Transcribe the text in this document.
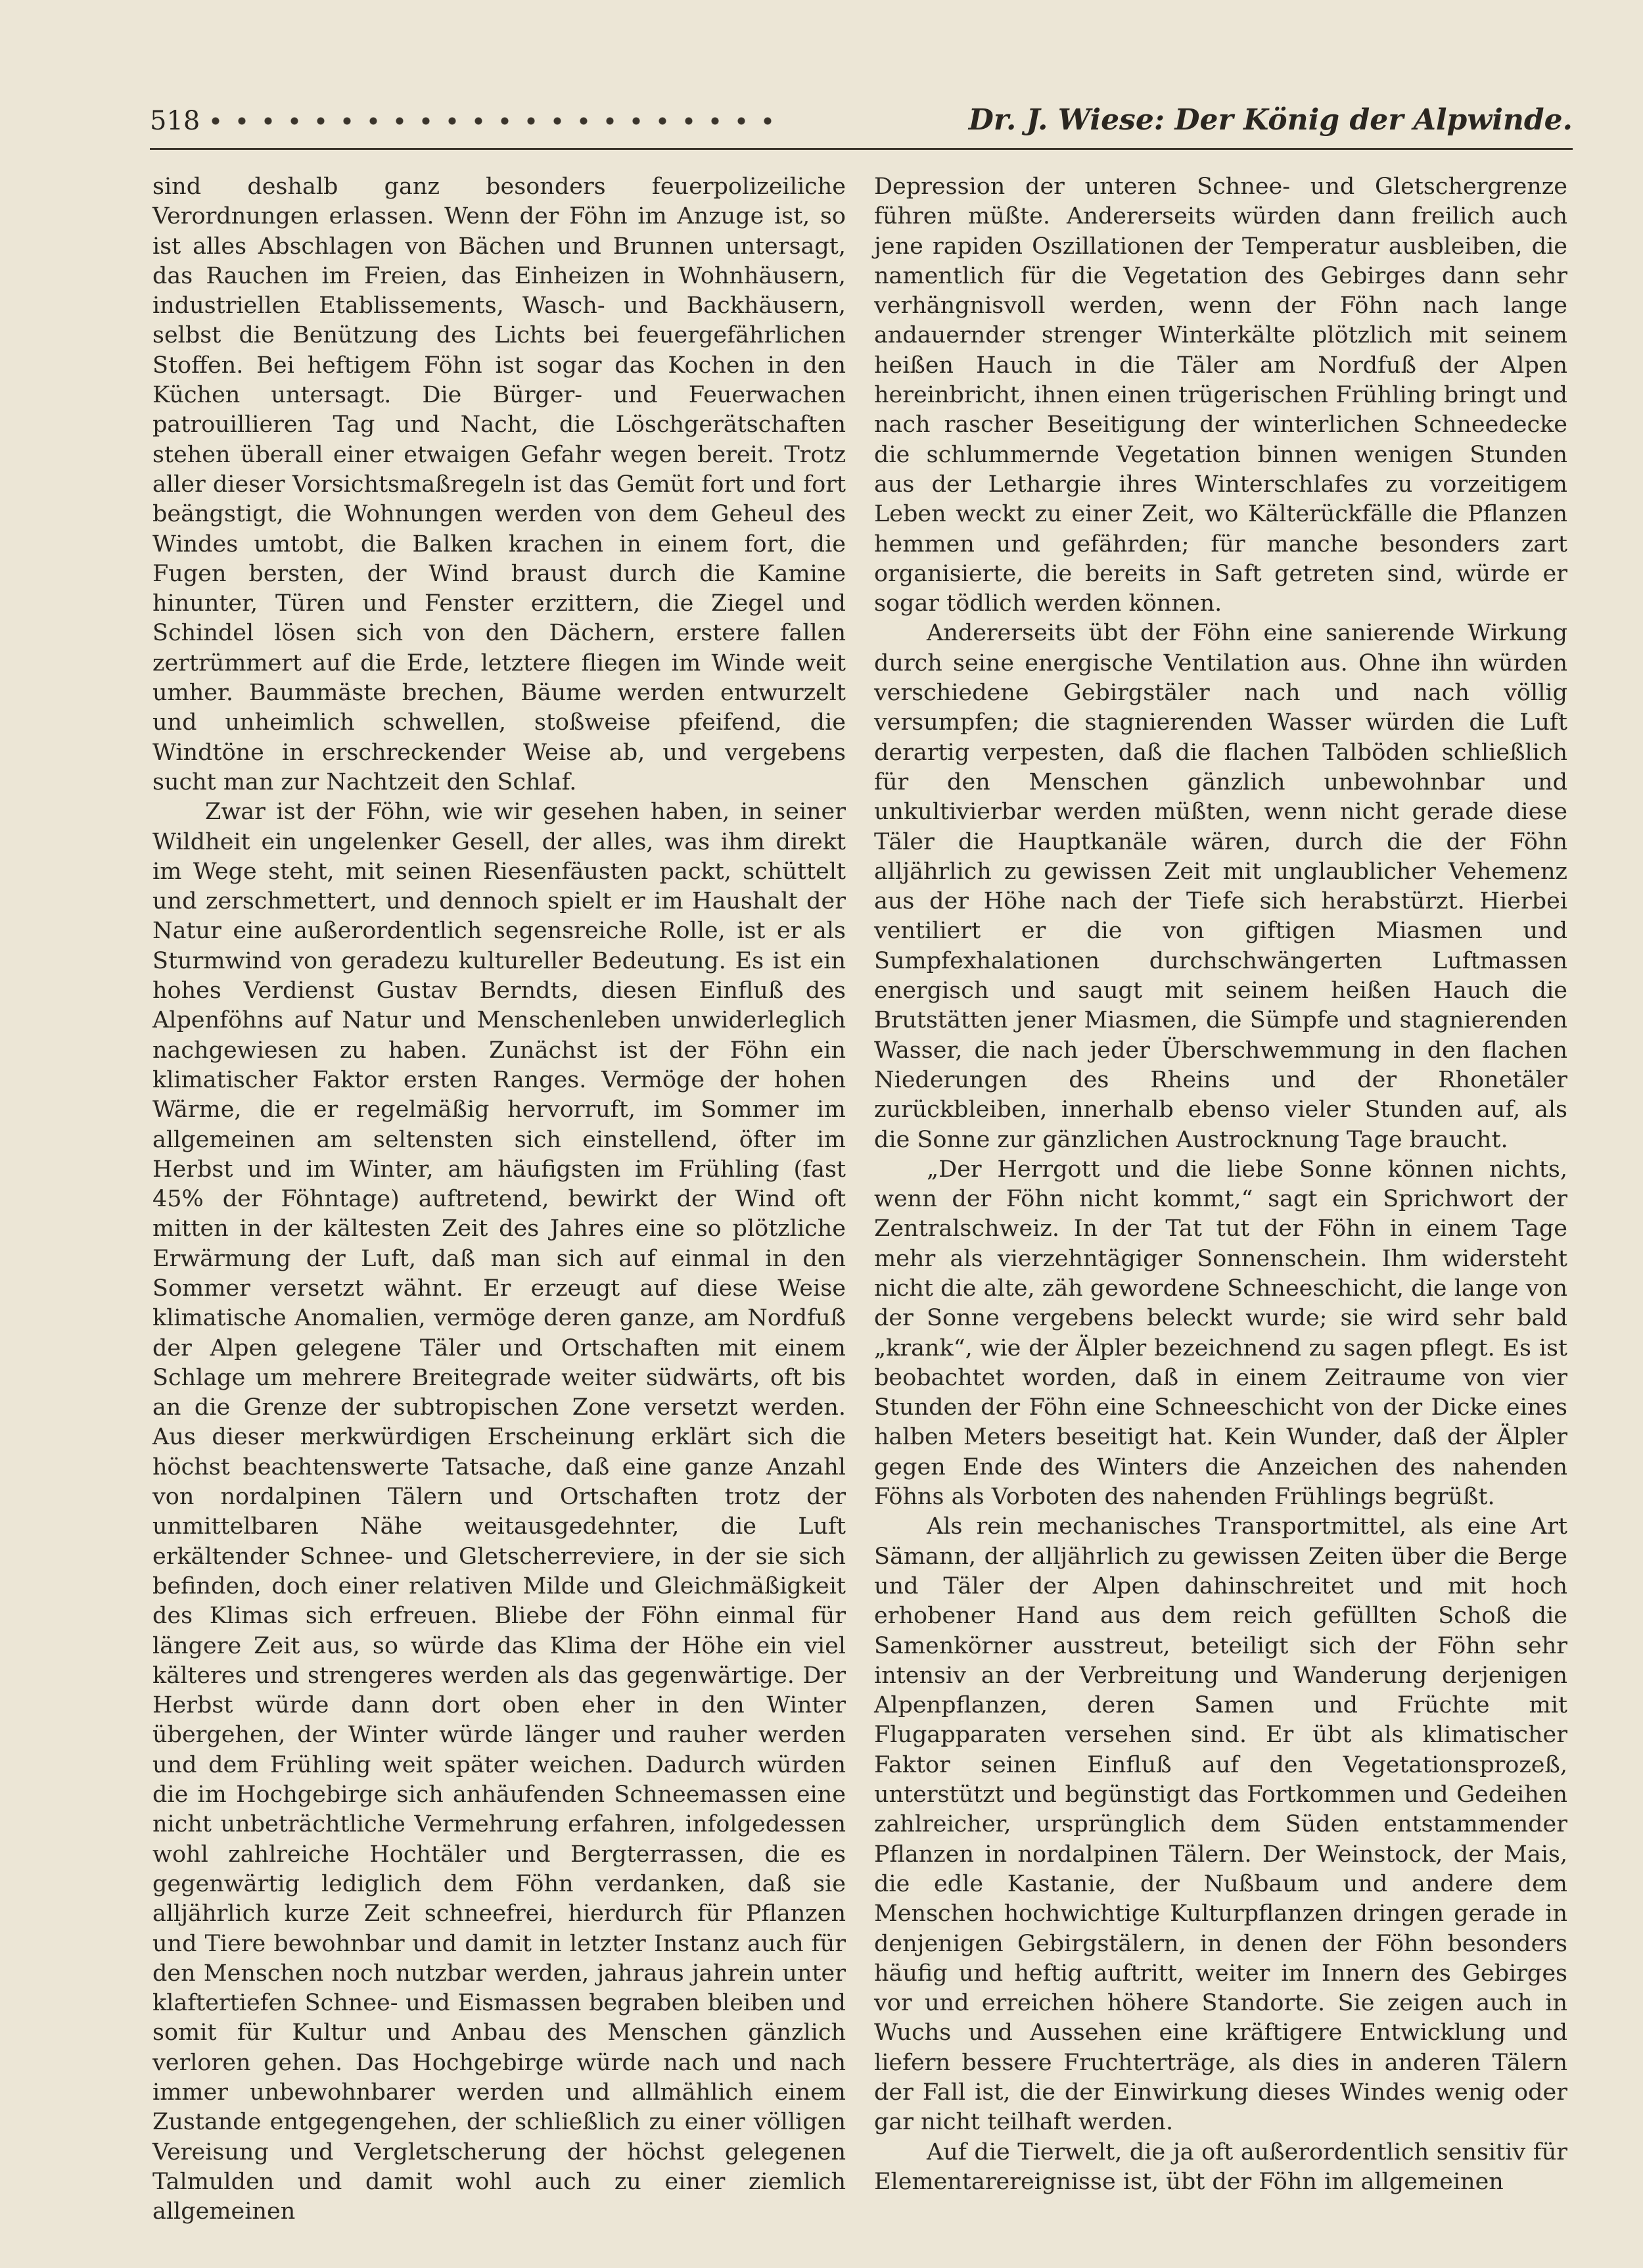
518	Dr. J. Wiese: Der König der Alpwinde.

sind deshalb ganz besonders feuerpolizeiliche Verordnungen erlassen. Wenn der Föhn im Anzuge ist, so ist alles Abschlagen von Bächen und Brunnen untersagt, das Rauchen im Freien, das Einheizen in Wohnhäusern, industriellen Etablissements, Wasch- und Backhäusern, selbst die Benützung des Lichts bei feuergefährlichen Stoffen. Bei heftigem Föhn ist sogar das Kochen in den Küchen untersagt. Die Bürger- und Feuerwachen patrouillieren Tag und Nacht, die Löschgerätschaften stehen überall einer etwaigen Gefahr wegen bereit. Trotz aller dieser Vorsichtsmaßregeln ist das Gemüt fort und fort beängstigt, die Wohnungen werden von dem Geheul des Windes umtobt, die Balken krachen in einem fort, die Fugen bersten, der Wind braust durch die Kamine hinunter, Türen und Fenster erzittern, die Ziegel und Schindel lösen sich von den Dächern, erstere fallen zertrümmert auf die Erde, letztere fliegen im Winde weit umher. Baummäste brechen, Bäume werden entwurzelt und unheimlich schwellen, stoßweise pfeifend, die Windtöne in erschreckender Weise ab, und vergebens sucht man zur Nachtzeit den Schlaf.

Zwar ist der Föhn, wie wir gesehen haben, in seiner Wildheit ein ungelenker Gesell, der alles, was ihm direkt im Wege steht, mit seinen Riesenfäusten packt, schüttelt und zerschmettert, und dennoch spielt er im Haushalt der Natur eine außerordentlich segensreiche Rolle, ist er als Sturmwind von geradezu kultureller Bedeutung. Es ist ein hohes Verdienst Gustav Berndts, diesen Einfluß des Alpenföhns auf Natur und Menschenleben unwiderleglich nachgewiesen zu haben. Zunächst ist der Föhn ein klimatischer Faktor ersten Ranges. Vermöge der hohen Wärme, die er regelmäßig hervorruft, im Sommer im allgemeinen am seltensten sich einstellend, öfter im Herbst und im Winter, am häufigsten im Frühling (fast 45% der Föhntage) auftretend, bewirkt der Wind oft mitten in der kältesten Zeit des Jahres eine so plötzliche Erwärmung der Luft, daß man sich auf einmal in den Sommer versetzt wähnt. Er erzeugt auf diese Weise klimatische Anomalien, vermöge deren ganze, am Nordfuß der Alpen gelegene Täler und Ortschaften mit einem Schlage um mehrere Breitegrade weiter südwärts, oft bis an die Grenze der subtropischen Zone versetzt werden. Aus dieser merkwürdigen Erscheinung erklärt sich die höchst beachtenswerte Tatsache, daß eine ganze Anzahl von nordalpinen Tälern und Ortschaften trotz der unmittelbaren Nähe weitausgedehnter, die Luft erkältender Schnee- und Gletscherreviere, in der sie sich befinden, doch einer relativen Milde und Gleichmäßigkeit des Klimas sich erfreuen. Bliebe der Föhn einmal für längere Zeit aus, so würde das Klima der Höhe ein viel kälteres und strengeres werden als das gegenwärtige. Der Herbst würde dann dort oben eher in den Winter übergehen, der Winter würde länger und rauher werden und dem Frühling weit später weichen. Dadurch würden die im Hochgebirge sich anhäufenden Schneemassen eine nicht unbeträchtliche Vermehrung erfahren, infolgedessen wohl zahlreiche Hochtäler und Bergterrassen, die es gegenwärtig lediglich dem Föhn verdanken, daß sie alljährlich kurze Zeit schneefrei, hierdurch für Pflanzen und Tiere bewohnbar und damit in letzter Instanz auch für den Menschen noch nutzbar werden, jahraus jahrein unter klaftertiefen Schnee- und Eismassen begraben bleiben und somit für Kultur und Anbau des Menschen gänzlich verloren gehen. Das Hochgebirge würde nach und nach immer unbewohnbarer werden und allmählich einem Zustande entgegengehen, der schließlich zu einer völligen Vereisung und Vergletscherung der höchst gelegenen Talmulden und damit wohl auch zu einer ziemlich allgemeinen

Depression der unteren Schnee- und Gletschergrenze führen müßte. Andererseits würden dann freilich auch jene rapiden Oszillationen der Temperatur ausbleiben, die namentlich für die Vegetation des Gebirges dann sehr verhängnisvoll werden, wenn der Föhn nach lange andauernder strenger Winterkälte plötzlich mit seinem heißen Hauch in die Täler am Nordfuß der Alpen hereinbricht, ihnen einen trügerischen Frühling bringt und nach rascher Beseitigung der winterlichen Schneedecke die schlummernde Vegetation binnen wenigen Stunden aus der Lethargie ihres Winterschlafes zu vorzeitigem Leben weckt zu einer Zeit, wo Kälterückfälle die Pflanzen hemmen und gefährden; für manche besonders zart organisierte, die bereits in Saft getreten sind, würde er sogar tödlich werden können.

Andererseits übt der Föhn eine sanierende Wirkung durch seine energische Ventilation aus. Ohne ihn würden verschiedene Gebirgstäler nach und nach völlig versumpfen; die stagnierenden Wasser würden die Luft derartig verpesten, daß die flachen Talböden schließlich für den Menschen gänzlich unbewohnbar und unkultivierbar werden müßten, wenn nicht gerade diese Täler die Hauptkanäle wären, durch die der Föhn alljährlich zu gewissen Zeit mit unglaublicher Vehemenz aus der Höhe nach der Tiefe sich herabstürzt. Hierbei ventiliert er die von giftigen Miasmen und Sumpfexhalationen durchschwängerten Luftmassen energisch und saugt mit seinem heißen Hauch die Brutstätten jener Miasmen, die Sümpfe und stagnierenden Wasser, die nach jeder Überschwemmung in den flachen Niederungen des Rheins und der Rhonetäler zurückbleiben, innerhalb ebenso vieler Stunden auf, als die Sonne zur gänzlichen Austrocknung Tage braucht.

„Der Herrgott und die liebe Sonne können nichts, wenn der Föhn nicht kommt,“ sagt ein Sprichwort der Zentralschweiz. In der Tat tut der Föhn in einem Tage mehr als vierzehntägiger Sonnenschein. Ihm widersteht nicht die alte, zäh gewordene Schneeschicht, die lange von der Sonne vergebens beleckt wurde; sie wird sehr bald „krank“, wie der Älpler bezeichnend zu sagen pflegt. Es ist beobachtet worden, daß in einem Zeitraume von vier Stunden der Föhn eine Schneeschicht von der Dicke eines halben Meters beseitigt hat. Kein Wunder, daß der Älpler gegen Ende des Winters die Anzeichen des nahenden Föhns als Vorboten des nahenden Frühlings begrüßt.

Als rein mechanisches Transportmittel, als eine Art Sämann, der alljährlich zu gewissen Zeiten über die Berge und Täler der Alpen dahinschreitet und mit hoch erhobener Hand aus dem reich gefüllten Schoß die Samenkörner ausstreut, beteiligt sich der Föhn sehr intensiv an der Verbreitung und Wanderung derjenigen Alpenpflanzen, deren Samen und Früchte mit Flugapparaten versehen sind. Er übt als klimatischer Faktor seinen Einfluß auf den Vegetationsprozeß, unterstützt und begünstigt das Fortkommen und Gedeihen zahlreicher, ursprünglich dem Süden entstammender Pflanzen in nordalpinen Tälern. Der Weinstock, der Mais, die edle Kastanie, der Nußbaum und andere dem Menschen hochwichtige Kulturpflanzen dringen gerade in denjenigen Gebirgstälern, in denen der Föhn besonders häufig und heftig auftritt, weiter im Innern des Gebirges vor und erreichen höhere Standorte. Sie zeigen auch in Wuchs und Aussehen eine kräftigere Entwicklung und liefern bessere Fruchterträge, als dies in anderen Tälern der Fall ist, die der Einwirkung dieses Windes wenig oder gar nicht teilhaft werden.

Auf die Tierwelt, die ja oft außerordentlich sensitiv für Elementarereignisse ist, übt der Föhn im allgemeinen
